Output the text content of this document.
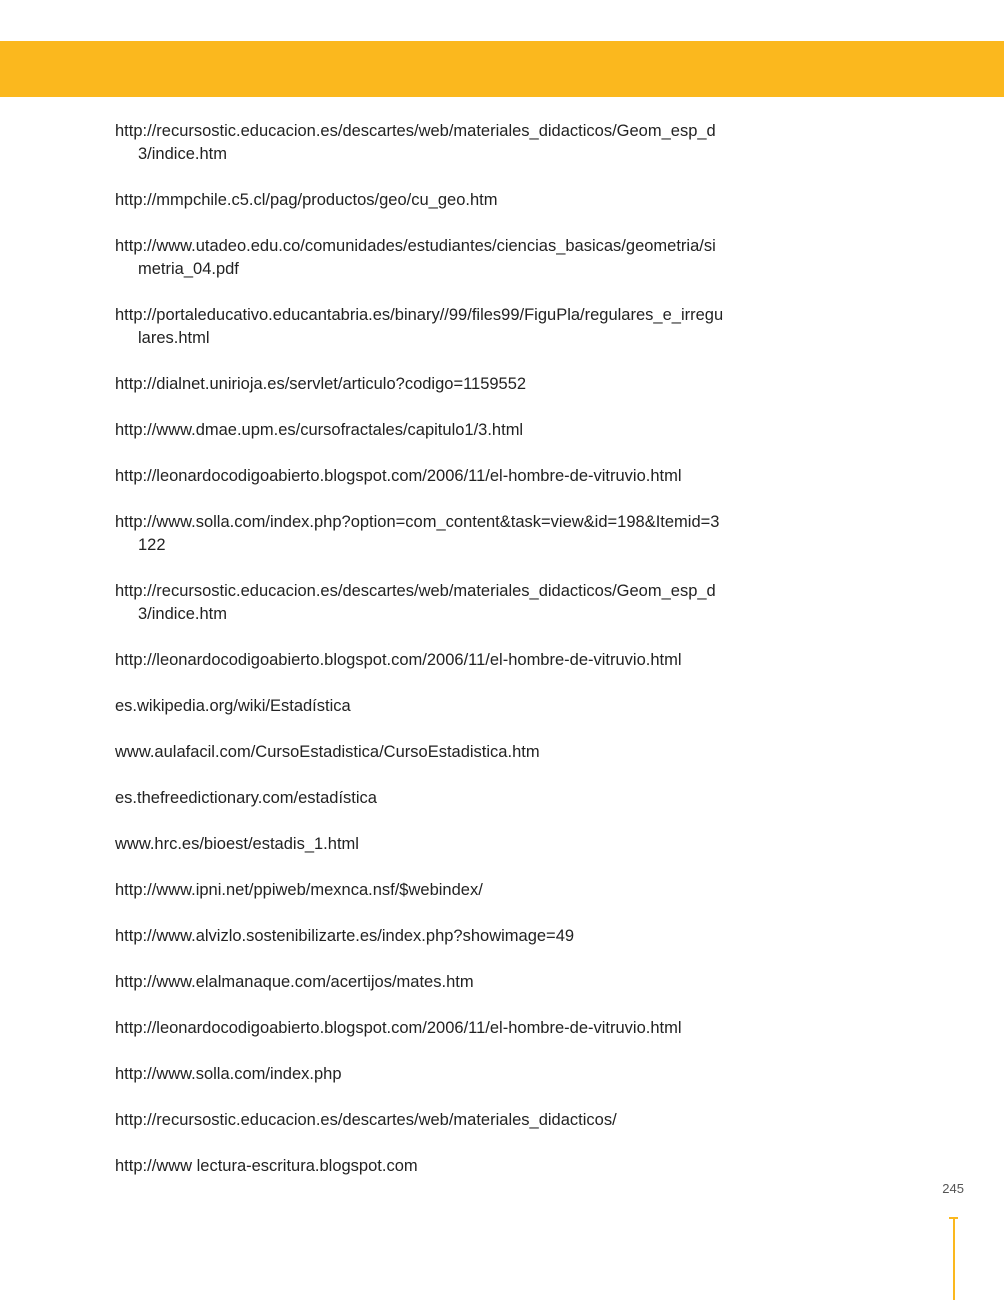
http://recursostic.educacion.es/descartes/web/materiales_didacticos/Geom_esp_d3/indice.htm
http://mmpchile.c5.cl/pag/productos/geo/cu_geo.htm
http://www.utadeo.edu.co/comunidades/estudiantes/ciencias_basicas/geometria/simetria_04.pdf
http://portaleducativo.educantabria.es/binary//99/files99/FiguPla/regulares_e_irregulares.html
http://dialnet.unirioja.es/servlet/articulo?codigo=1159552
http://www.dmae.upm.es/cursofractales/capitulo1/3.html
http://leonardocodigoabierto.blogspot.com/2006/11/el-hombre-de-vitruvio.html
http://www.solla.com/index.php?option=com_content&task=view&id=198&Itemid=3122
http://recursostic.educacion.es/descartes/web/materiales_didacticos/Geom_esp_d3/indice.htm
http://leonardocodigoabierto.blogspot.com/2006/11/el-hombre-de-vitruvio.html
es.wikipedia.org/wiki/Estadística
www.aulafacil.com/CursoEstadistica/CursoEstadistica.htm
es.thefreedictionary.com/estadística
www.hrc.es/bioest/estadis_1.html
http://www.ipni.net/ppiweb/mexnca.nsf/$webindex/
http://www.alvizlo.sostenibilizarte.es/index.php?showimage=49
http://www.elalmanaque.com/acertijos/mates.htm
http://leonardocodigoabierto.blogspot.com/2006/11/el-hombre-de-vitruvio.html
http://www.solla.com/index.php
http://recursostic.educacion.es/descartes/web/materiales_didacticos/
http://www lectura-escritura.blogspot.com
245
